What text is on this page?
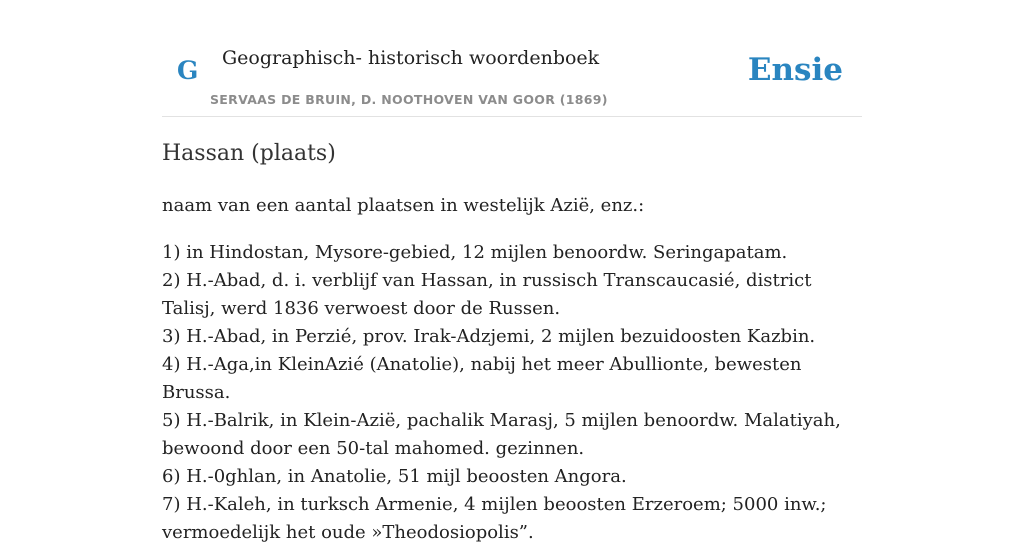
G Geographisch- historisch woordenboek
SERVAAS DE BRUIN, D. NOOTHOVEN VAN GOOR (1869)
Ensie
Hassan (plaats)

naam van een aantal plaatsen in westelijk Azië, enz.:

1) in Hindostan, Mysore-gebied, 12 mijlen benoordw. Seringapatam.

2) H.-Abad, d. i. verblijf van Hassan, in russisch Transcaucasié, district Talisj, werd 1836 verwoest door de Russen.

3) H.-Abad, in Perzié, prov. Irak-Adzjemi, 2 mijlen bezuidoosten Kazbin.

4) H.-Aga,in KleinAzié (Anatolie), nabij het meer Abullionte, bewesten Brussa.

5) H.-Balrik, in Klein-Azië, pachalik Marasj, 5 mijlen benoordw. Malatiyah, bewoond door een 50-tal mahomed. gezinnen.

6) H.-0ghlan, in Anatolie, 51 mijl beoosten Angora.

7) H.-Kaleh, in turksch Armenie, 4 mijlen beoosten Erzeroem; 5000 inw.; vermoedelijk het oude »Theodosiopolis”.
